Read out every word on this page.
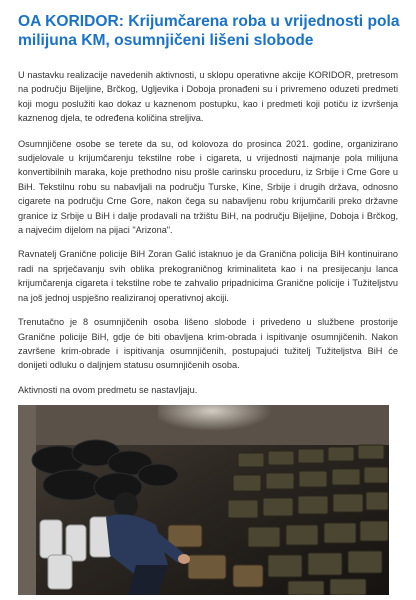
OA KORIDOR: Krijumčarena roba u vrijednosti pola milijuna KM, osumnjičeni lišeni slobode

U nastavku realizacije navedenih aktivnosti, u sklopu operativne akcije KORIDOR, pretresom na području Bijeljine, Brčkog, Ugljevika i Doboja pronađeni su i privremeno oduzeti predmeti koji mogu poslužiti kao dokaz u kaznenom postupku, kao i predmeti koji potiču iz izvršenja kaznenog djela, te određena količina streljiva.

Osumnjičene osobe se terete da su, od kolovoza do prosinca 2021. godine, organizirano sudjelovale u krijumčarenju tekstilne robe i cigareta, u vrijednosti najmanje pola milijuna konvertibilnih maraka, koje prethodno nisu prošle carinsku proceduru, iz Srbije i Crne Gore u BiH. Tekstilnu robu su nabavljali na području Turske, Kine, Srbije i drugih država, odnosno cigarete na području Crne Gore, nakon čega su nabavljenu robu krijumčarili preko državne granice iz Srbije u BiH i dalje prodavali na tržištu BiH, na području Bijeljine, Doboja i Brčkog, a najvećim dijelom na pijaci "Arizona".

Ravnatelj Granične policije BiH Zoran Galić istaknuo je da Granična policija BiH kontinuirano radi na sprječavanju svih oblika prekograničnog kriminaliteta kao i na presijecanju lanca krijumčarenja cigareta i tekstilne robe te zahvalio pripadnicima Granične policije i Tužiteljstvu na još jednoj uspješno realiziranoj operativnoj akciji.

Trenutačno je 8 osumnjičenih osoba lišeno slobode i privedeno u službene prostorije Granične policije BiH, gdje će biti obavljena krim-obrada i ispitivanje osumnjičenih. Nakon završene krim-obrade i ispitivanja osumnjičenih, postupajući tužitelj Tužiteljstva BiH će donijeti odluku o daljnjem statusu osumnjičenih osoba.

Aktivnosti na ovom predmetu se nastavljaju.
